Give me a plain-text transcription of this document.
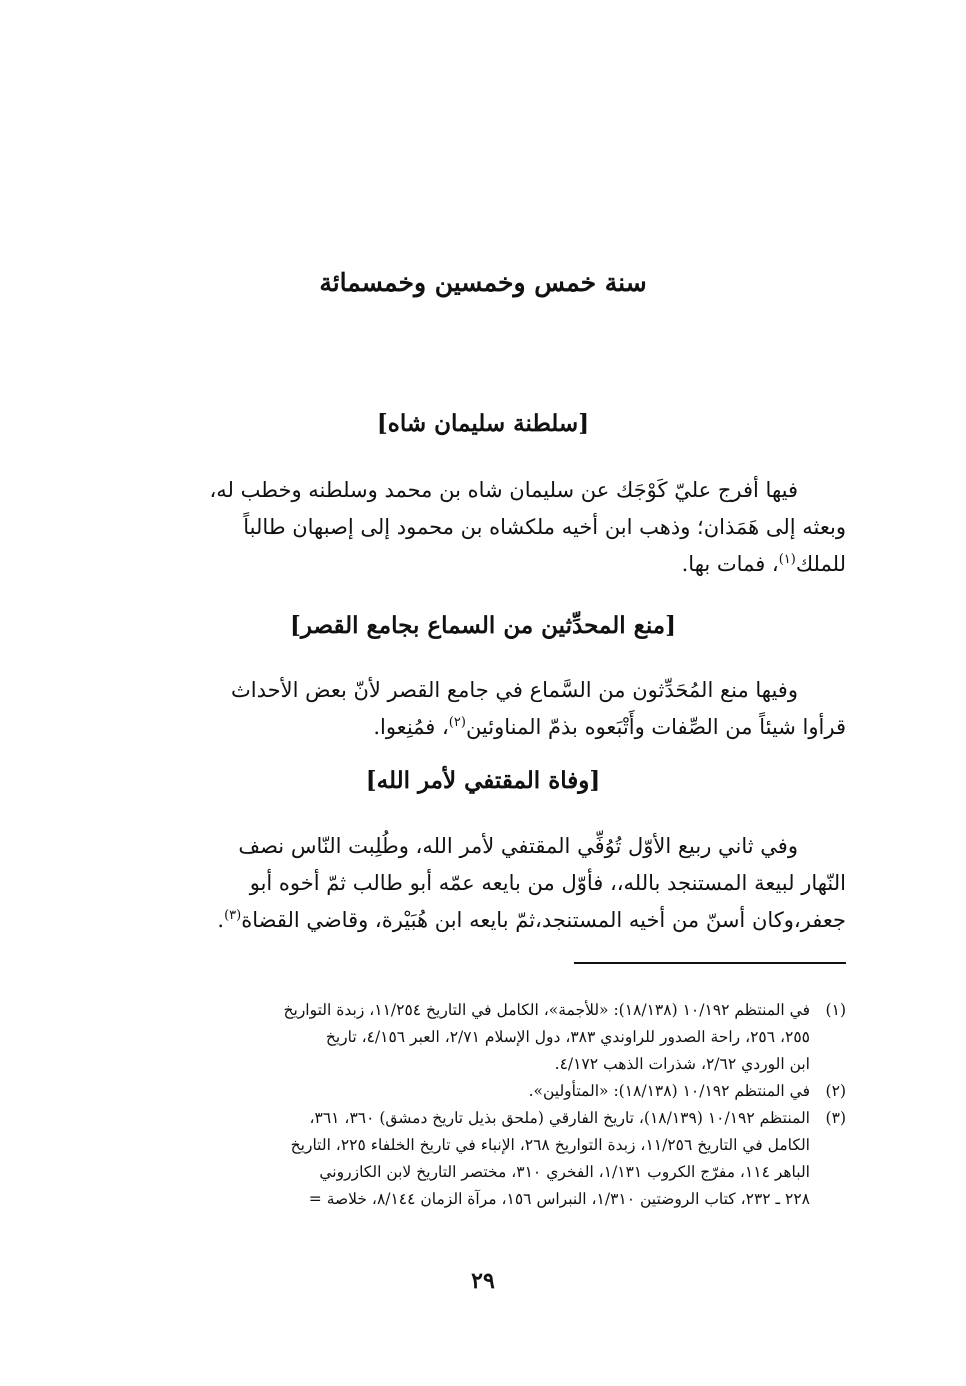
سنة خمس وخمسين وخمسمائة
[سلطنة سليمان شاه]

فيها أفرج عليّ كَوْجَك عن سليمان شاه بن محمد وسلطنه وخطب له،

وبعثه إلى هَمَذان؛ وذهب ابن أخيه ملكشاه بن محمود إلى إصبهان طالباً

للملك$^{(١)}$، فمات بها.

[منع المحدِّثين من السماع بجامع القصر]

وفيها منع المُحَدِّثون من السَّماع في جامع القصر لأنّ بعض الأحداث

قرأوا شيئاً من الصِّفات وأَتْبَعوه بذمّ المناوئين$^{(٢)}$، فمُنِعوا.

[وفاة المقتفي لأمر الله]

وفي ثاني ربيع الأوّل تُوُفِّي المقتفي لأمر الله، وطُلِبت النّاس نصف

النّهار لبيعة المستنجد بالله،، فأوّل من بايعه عمّه أبو طالب ثمّ أخوه أبو

جعفر،وكان أسنّ من أخيه المستنجد،ثمّ بايعه ابن هُبَيْرة، وقاضي القضاة$^{(٣)}$.

(١)
في المنتظم ١٠/١٩٢ (١٨/١٣٨): «للأجمة»، الكامل في التاريخ ١١/٢٥٤، زبدة التواريخ
٢٥٥، ٢٥٦، راحة الصدور للراوندي ٣٨٣، دول الإسلام ٢/٧١، العبر ٤/١٥٦، تاريخ
ابن الوردي ٢/٦٢، شذرات الذهب ٤/١٧٢.
(٢)
في المنتظم ١٠/١٩٢ (١٨/١٣٨): «المتأولين».
(٣)
المنتظم ١٠/١٩٢ (١٨/١٣٩)، تاريخ الفارقي (ملحق بذيل تاريخ دمشق) ٣٦٠، ٣٦١،
الكامل في التاريخ ١١/٢٥٦، زبدة التواريخ ٢٦٨، الإنباء في تاريخ الخلفاء ٢٢٥، التاريخ
الباهر ١١٤، مفرّج الكروب ١/١٣١، الفخري ٣١٠، مختصر التاريخ لابن الكازروني
٢٢٨ ـ ٢٣٢، كتاب الروضتين ١/٣١٠، النبراس ١٥٦، مرآة الزمان ٨/١٤٤، خلاصة =
٢٩
